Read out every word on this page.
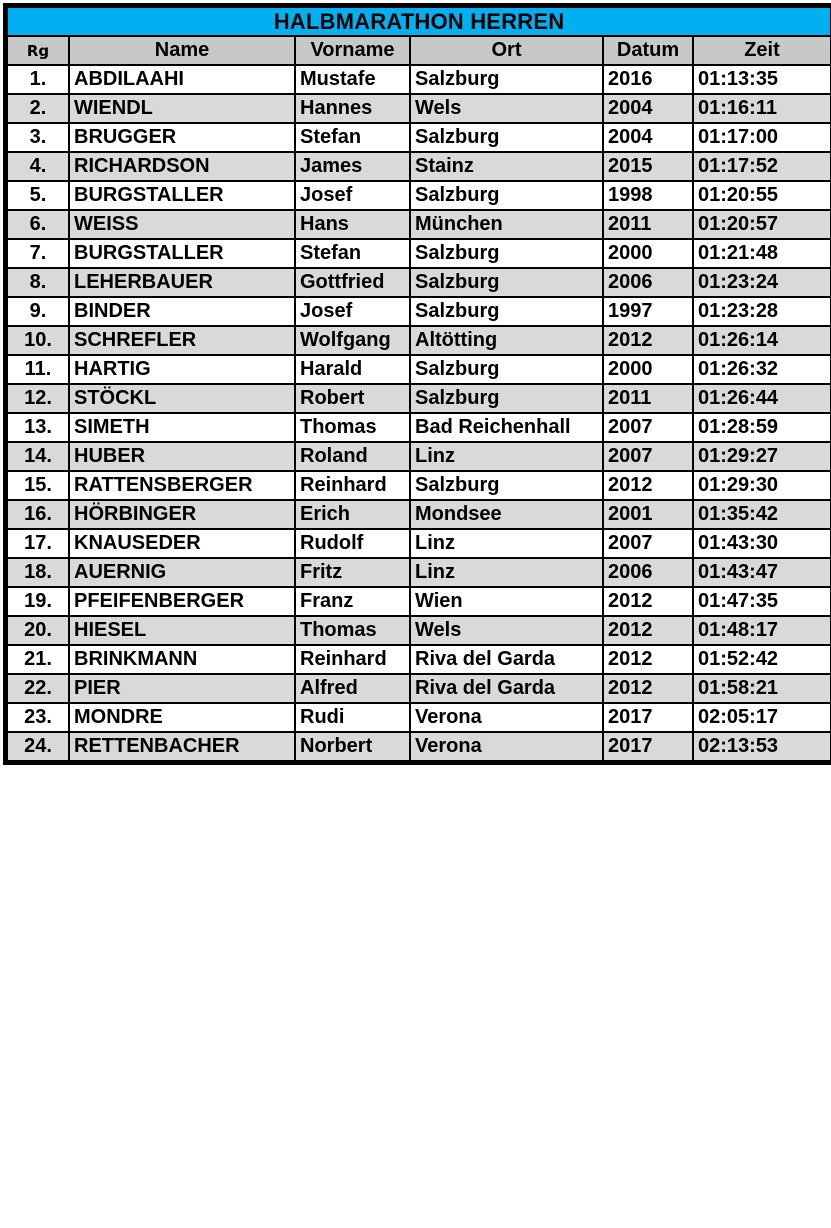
HALBMARATHON HERREN					
Rg	Name	Vorname	Ort	Datum	Zeit
1.	ABDILAAHI	Mustafe	Salzburg	2016	01:13:35
2.	WIENDL	Hannes	Wels	2004	01:16:11
3.	BRUGGER	Stefan	Salzburg	2004	01:17:00
4.	RICHARDSON	James	Stainz	2015	01:17:52
5.	BURGSTALLER	Josef	Salzburg	1998	01:20:55
6.	WEISS	Hans	München	2011	01:20:57
7.	BURGSTALLER	Stefan	Salzburg	2000	01:21:48
8.	LEHERBAUER	Gottfried	Salzburg	2006	01:23:24
9.	BINDER	Josef	Salzburg	1997	01:23:28
10.	SCHREFLER	Wolfgang	Altötting	2012	01:26:14
11.	HARTIG	Harald	Salzburg	2000	01:26:32
12.	STÖCKL	Robert	Salzburg	2011	01:26:44
13.	SIMETH	Thomas	Bad Reichenhall	2007	01:28:59
14.	HUBER	Roland	Linz	2007	01:29:27
15.	RATTENSBERGER	Reinhard	Salzburg	2012	01:29:30
16.	HÖRBINGER	Erich	Mondsee	2001	01:35:42
17.	KNAUSEDER	Rudolf	Linz	2007	01:43:30
18.	AUERNIG	Fritz	Linz	2006	01:43:47
19.	PFEIFENBERGER	Franz	Wien	2012	01:47:35
20.	HIESEL	Thomas	Wels	2012	01:48:17
21.	BRINKMANN	Reinhard	Riva del Garda	2012	01:52:42
22.	PIER	Alfred	Riva del Garda	2012	01:58:21
23.	MONDRE	Rudi	Verona	2017	02:05:17
24.	RETTENBACHER	Norbert	Verona	2017	02:13:53
